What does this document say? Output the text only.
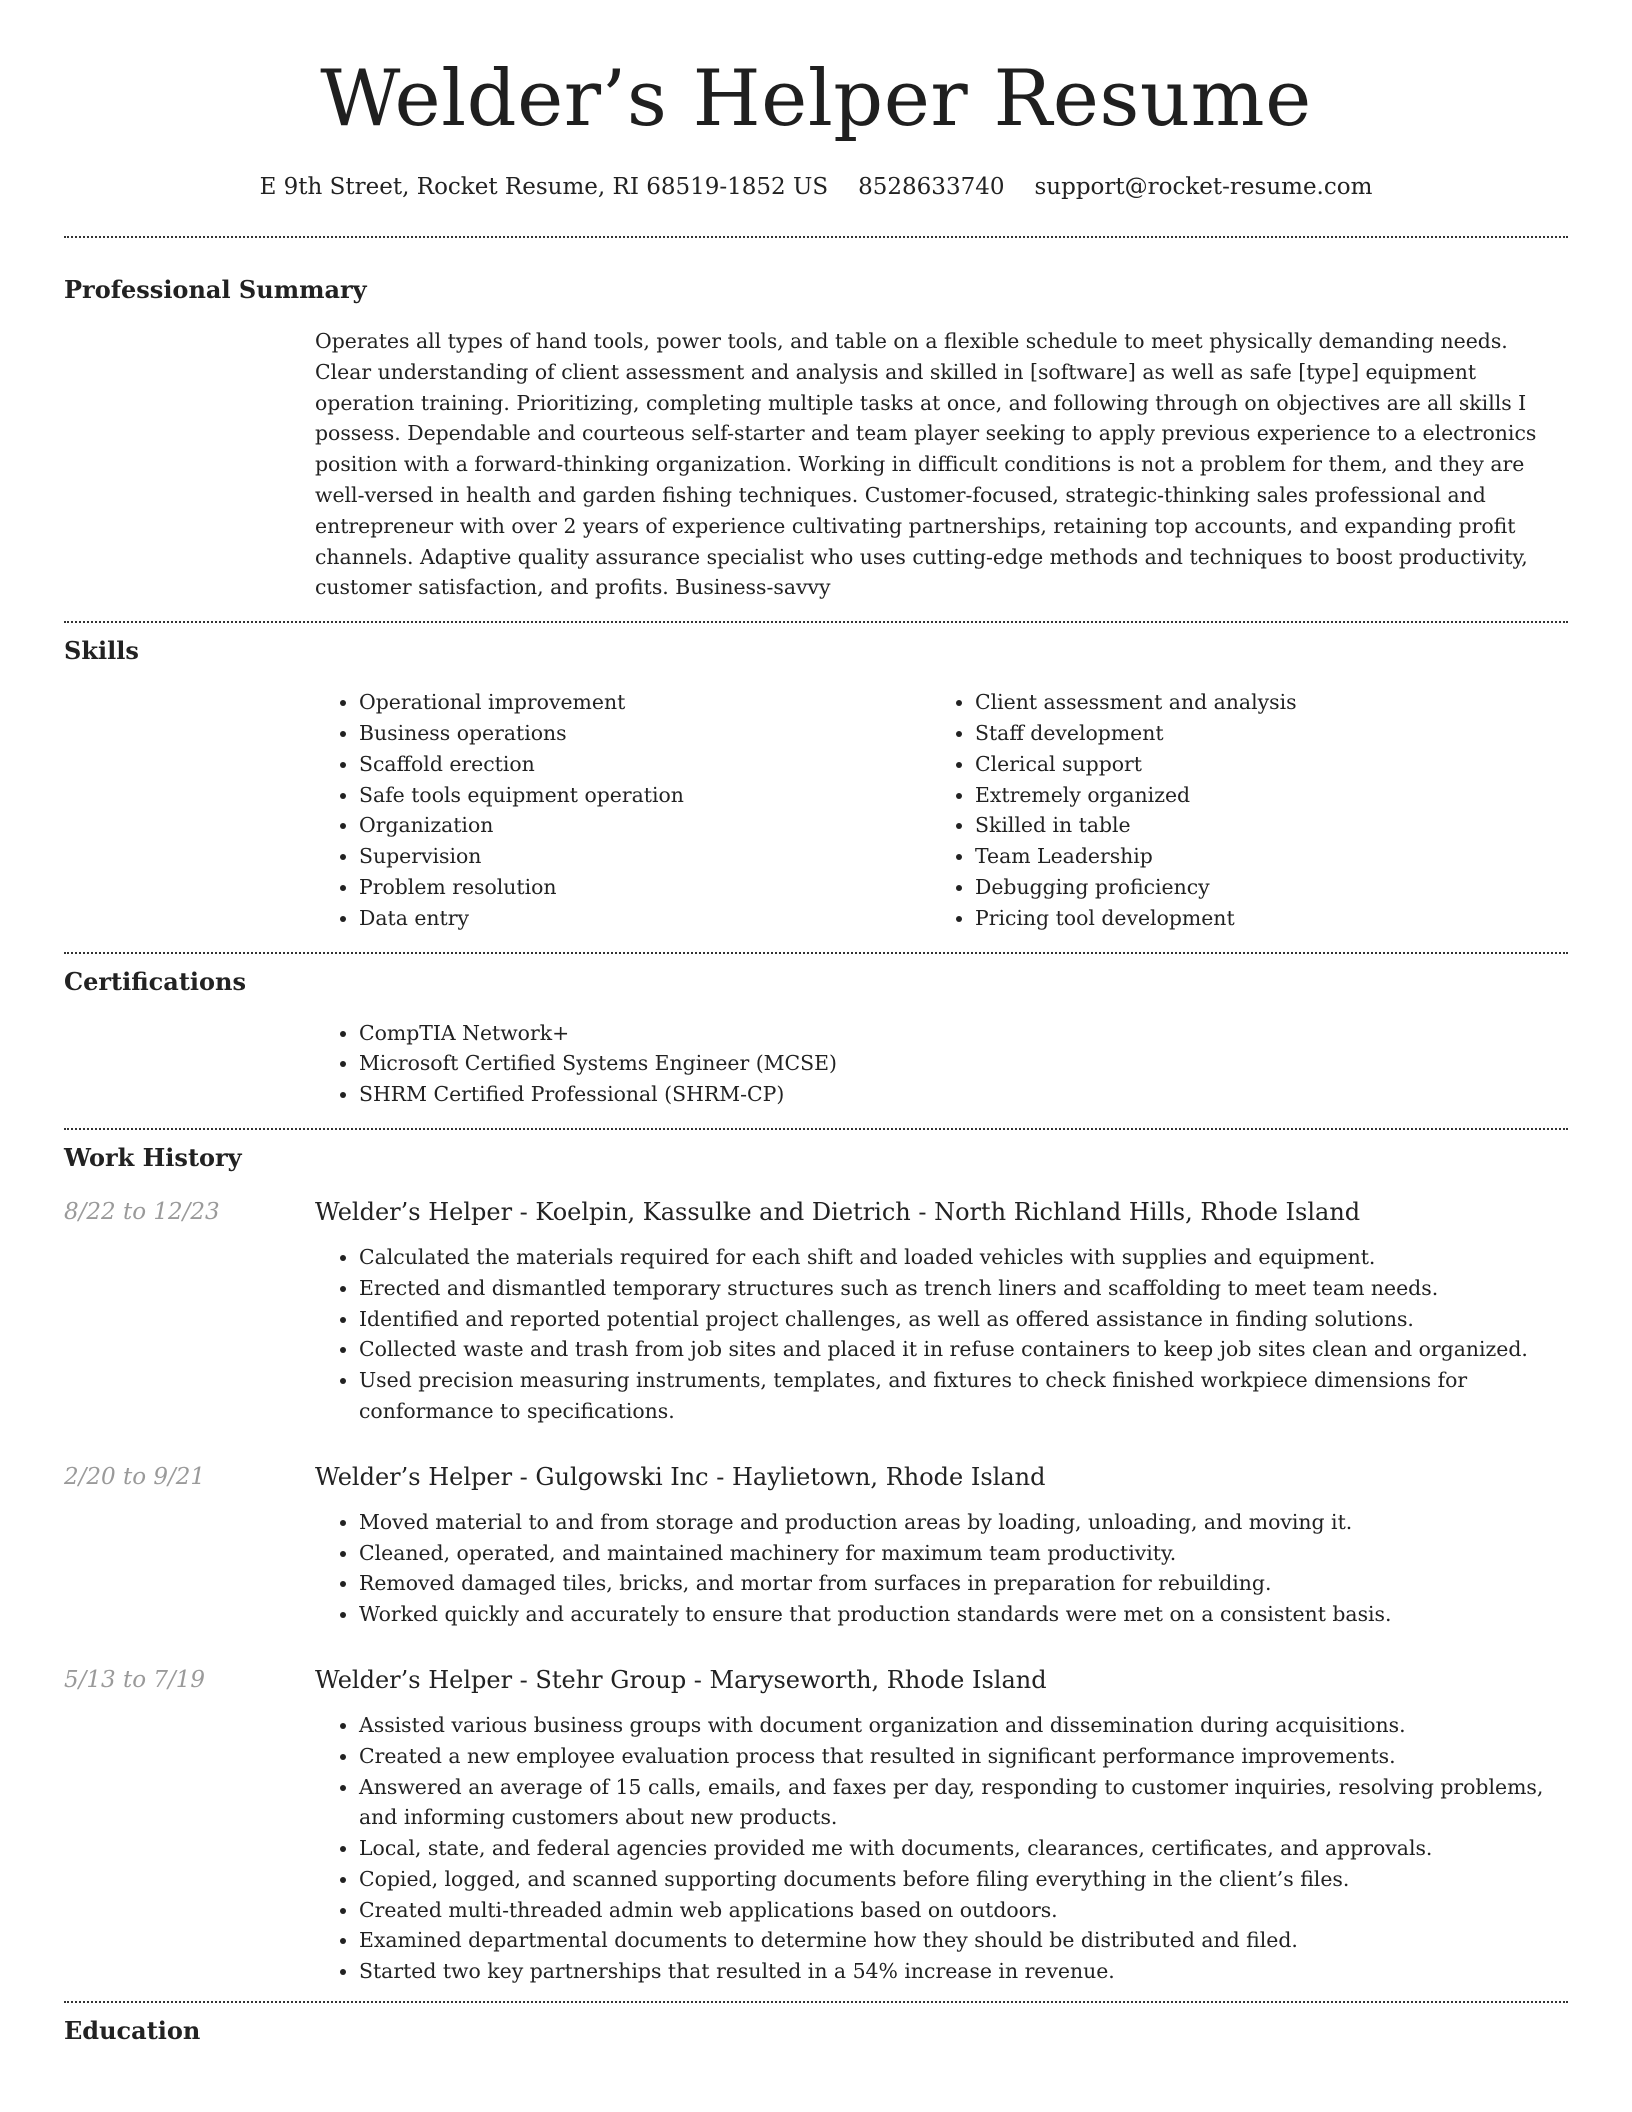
Welder’s Helper Resume
E 9th Street, Rocket Resume, RI 68519-1852 US 8528633740 support@rocket-resume.com
Professional Summary

Operates all types of hand tools, power tools, and table on a flexible schedule to meet physically demanding needs. Clear understanding of client assessment and analysis and skilled in [software] as well as safe [type] equipment operation training. Prioritizing, completing multiple tasks at once, and following through on objectives are all skills I possess. Dependable and courteous self-starter and team player seeking to apply previous experience to a electronics position with a forward-thinking organization. Working in difficult conditions is not a problem for them, and they are well-versed in health and garden fishing techniques. Customer-focused, strategic-thinking sales professional and entrepreneur with over 2 years of experience cultivating partnerships, retaining top accounts, and expanding profit channels. Adaptive quality assurance specialist who uses cutting-edge methods and techniques to boost productivity, customer satisfaction, and profits. Business-savvy

Skills
• Operational improvement
• Business operations
• Scaffold erection
• Safe tools equipment operation
• Organization
• Supervision
• Problem resolution
• Data entry
• Client assessment and analysis
• Staff development
• Clerical support
• Extremely organized
• Skilled in table
• Team Leadership
• Debugging proficiency
• Pricing tool development
Certifications
• CompTIA Network+
• Microsoft Certified Systems Engineer (MCSE)
• SHRM Certified Professional (SHRM-CP)
Work History
8/22 to 12/23	Welder’s Helper - Koelpin, Kassulke and Dietrich - North Richland Hills, Rhode Island
• Calculated the materials required for each shift and loaded vehicles with supplies and equipment.
• Erected and dismantled temporary structures such as trench liners and scaffolding to meet team needs.
• Identified and reported potential project challenges, as well as offered assistance in finding solutions.
• Collected waste and trash from job sites and placed it in refuse containers to keep job sites clean and organized.
• Used precision measuring instruments, templates, and fixtures to check finished workpiece dimensions for conformance to specifications.
2/20 to 9/21	Welder’s Helper - Gulgowski Inc - Haylietown, Rhode Island
• Moved material to and from storage and production areas by loading, unloading, and moving it.
• Cleaned, operated, and maintained machinery for maximum team productivity.
• Removed damaged tiles, bricks, and mortar from surfaces in preparation for rebuilding.
• Worked quickly and accurately to ensure that production standards were met on a consistent basis.
5/13 to 7/19	Welder’s Helper - Stehr Group - Maryseworth, Rhode Island
• Assisted various business groups with document organization and dissemination during acquisitions.
• Created a new employee evaluation process that resulted in significant performance improvements.
• Answered an average of 15 calls, emails, and faxes per day, responding to customer inquiries, resolving problems, and informing customers about new products.
• Local, state, and federal agencies provided me with documents, clearances, certificates, and approvals.
• Copied, logged, and scanned supporting documents before filing everything in the client’s files.
• Created multi-threaded admin web applications based on outdoors.
• Examined departmental documents to determine how they should be distributed and filed.
• Started two key partnerships that resulted in a 54% increase in revenue.
Education
